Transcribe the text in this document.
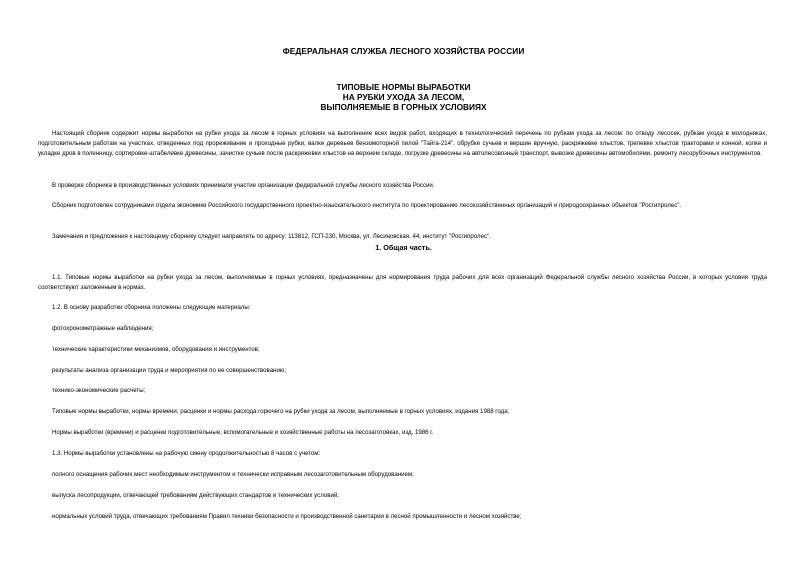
ФЕДЕРАЛЬНАЯ СЛУЖБА ЛЕСНОГО ХОЗЯЙСТВА РОССИИ
ТИПОВЫЕ НОРМЫ ВЫРАБОТКИ
НА РУБКИ УХОДА ЗА ЛЕСОМ,
ВЫПОЛНЯЕМЫЕ В ГОРНЫХ УСЛОВИЯХ

Настоящий сборник содержит нормы выработки на рубки ухода за лесом в горных условиях на выполнение всех видов работ, входящих в технологический перечень по рубкам ухода за лесом: по отводу лесосек, рубкам ухода в молодняках, подготовительным работам на участках, отведенных под прореживание и проходные рубки, валке деревьев бензомоторной пилой "Тайга-214", обрубке сучьев и вершин вручную, раскряжевке хлыстов, трелевке хлыстов тракторами и конной, колке и укладке дров в поленницу, сортировке-штабелевке древесины, зачистке сучьев после раскряжевки хлыстов на верхнем складе, погрузке древесины на автолесовозный транспорт, вывозке древесины автомобилями, ремонту лесорубочных инструментов.

В проверке сборника в производственных условиях принимали участие организации федеральной службы лесного хозяйства России.

Сборник подготовлен сотрудниками отдела экономики Российского государственного проектно-изыскательского института по проектированию лесохозяйственных организаций и природоохранных объектов "Росгипролес".

Замечания и предложения к настоящему сборнику следует направлять по адресу: 113812, ГСП-230, Москва, ул. Лесиновская, 44, институт "Росгипролес".

1. Общая часть.

1.1. Типовые нормы выработки на рубки ухода за лесом, выполняемые в горных условиях, предназначены для нормирования труда рабочих для всех организаций Федеральной службы лесного хозяйства России, в которых условия труда соответствуют заложенным в нормах.

1.2. В основу разработки сборника положены следующие материалы:

фотохронометражные наблюдения;

технические характеристики механизмов, оборудования и инструментов;

результаты анализа организации труда и мероприятия по ее совершенствованию;

технико-экономические расчеты;

Типовые нормы выработки, нормы времени, расценки и нормы расхода горючего на рубки ухода за лесом, выполняемые в горных условиях, издания 1988 года;

Нормы выработки (времени) и расценки подготовительные, вспомогательные и хозяйственные работы на лесозаготовках, изд. 1986 г.

1.3. Нормы выработки установлены на рабочую смену продолжительностью 8 часов с учетом:

полного оснащения рабочих мест необходимым инструментом и технически исправным лесозаготовительным оборудованием;

выпуска лесопродукции, отвечающей требованиям действующих стандартов и технических условий;

нормальных условий труда, отвечающих требованиям Правил техники безопасности и производственной санитарии в лесной промышленности и лесном хозяйстве;
